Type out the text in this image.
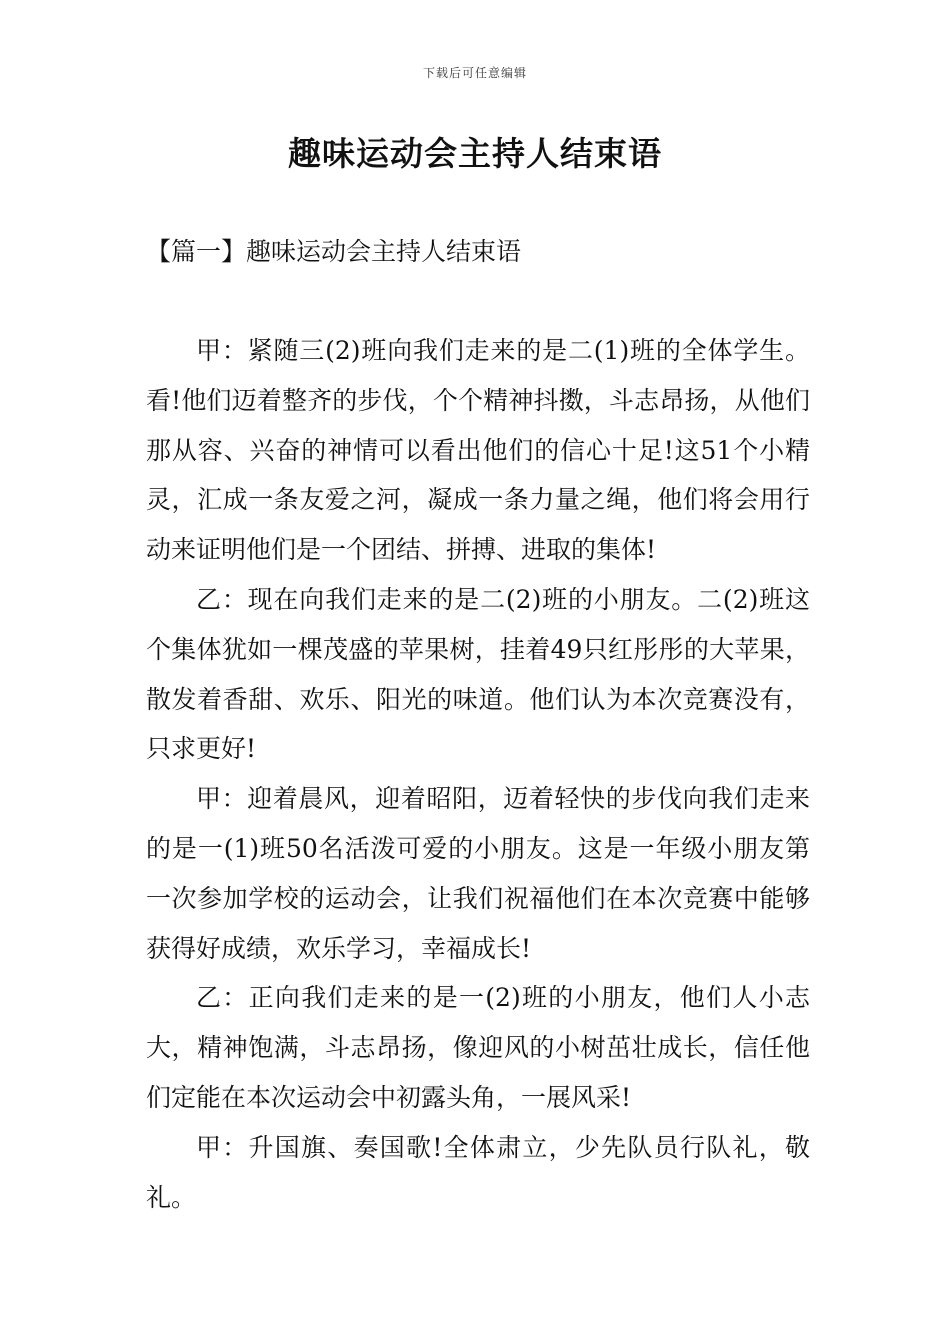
下载后可任意编辑
趣味运动会主持人结束语
【篇一】趣味运动会主持人结束语

甲：紧随三(2)班向我们走来的是二(1)班的全体学生。看!他们迈着整齐的步伐，个个精神抖擞，斗志昂扬，从他们那从容、兴奋的神情可以看出他们的信心十足!这51个小精灵，汇成一条友爱之河，凝成一条力量之绳，他们将会用行动来证明他们是一个团结、拼搏、进取的集体!

乙：现在向我们走来的是二(2)班的小朋友。二(2)班这个集体犹如一棵茂盛的苹果树，挂着49只红彤彤的大苹果，散发着香甜、欢乐、阳光的味道。他们认为本次竞赛没有，只求更好!

甲：迎着晨风，迎着昭阳，迈着轻快的步伐向我们走来的是一(1)班50名活泼可爱的小朋友。这是一年级小朋友第一次参加学校的运动会，让我们祝福他们在本次竞赛中能够获得好成绩，欢乐学习，幸福成长!

乙：正向我们走来的是一(2)班的小朋友，他们人小志大，精神饱满，斗志昂扬，像迎风的小树茁壮成长，信任他们定能在本次运动会中初露头角，一展风采!

甲：升国旗、奏国歌!全体肃立，少先队员行队礼，敬礼。
